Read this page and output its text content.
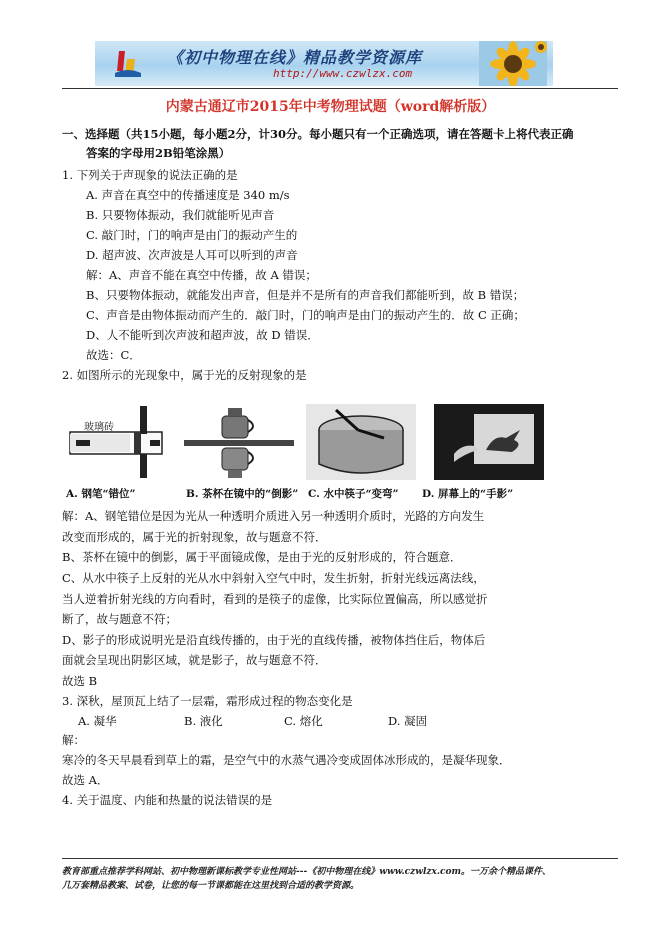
《初中物理在线》精品教学资源库
http://www.czwlzx.com
内蒙古通辽市2015年中考物理试题（word解析版）
一、选择题（共15小题，每小题2分，计30分。每小题只有一个正确选项，请在答题卡上将代表正确
答案的字母用2B铅笔涂黑）
1. 下列关于声现象的说法正确的是
A. 声音在真空中的传播速度是 340 m/s
B. 只要物体振动，我们就能听见声音
C. 敲门时，门的响声是由门的振动产生的
D. 超声波、次声波是人耳可以听到的声音
解：A、声音不能在真空中传播，故 A 错误；
B、只要物体振动，就能发出声音，但是并不是所有的声音我们都能听到，故 B 错误；
C、声音是由物体振动而产生的．敲门时，门的响声是由门的振动产生的．故 C 正确；
D、人不能听到次声波和超声波，故 D 错误．
故选：C．
2. 如图所示的光现象中，属于光的反射现象的是
玻璃砖
A. 钢笔“错位”	B. 茶杯在镜中的“倒影” C. 水中筷子“变弯” D. 屏幕上的“手影”
解：A、钢笔错位是因为光从一种透明介质进入另一种透明介质时，光路的方向发生
改变而形成的，属于光的折射现象，故与题意不符．
B、茶杯在镜中的倒影，属于平面镜成像，是由于光的反射形成的，符合题意．
C、从水中筷子上反射的光从水中斜射入空气中时，发生折射，折射光线远离法线，
当人逆着折射光线的方向看时，看到的是筷子的虚像，比实际位置偏高，所以感觉折
断了，故与题意不符；
D、影子的形成说明光是沿直线传播的，由于光的直线传播，被物体挡住后，物体后
面就会呈现出阴影区域，就是影子，故与题意不符．
故选 B
3. 深秋，屋顶瓦上结了一层霜，霜形成过程的物态变化是
A. 凝华	B. 液化	C. 熔化	D. 凝固
解：
寒冷的冬天早晨看到草上的霜，是空气中的水蒸气遇冷变成固体冰形成的，是凝华现象．
故选 A．
4. 关于温度、内能和热量的说法错误的是
教育部重点推荐学科网站、初中物理新课标教学专业性网站---《初中物理在线》www.czwlzx.com。一万余个精品课件、
几万套精品教案、试卷，让您的每一节课都能在这里找到合适的教学资源。
